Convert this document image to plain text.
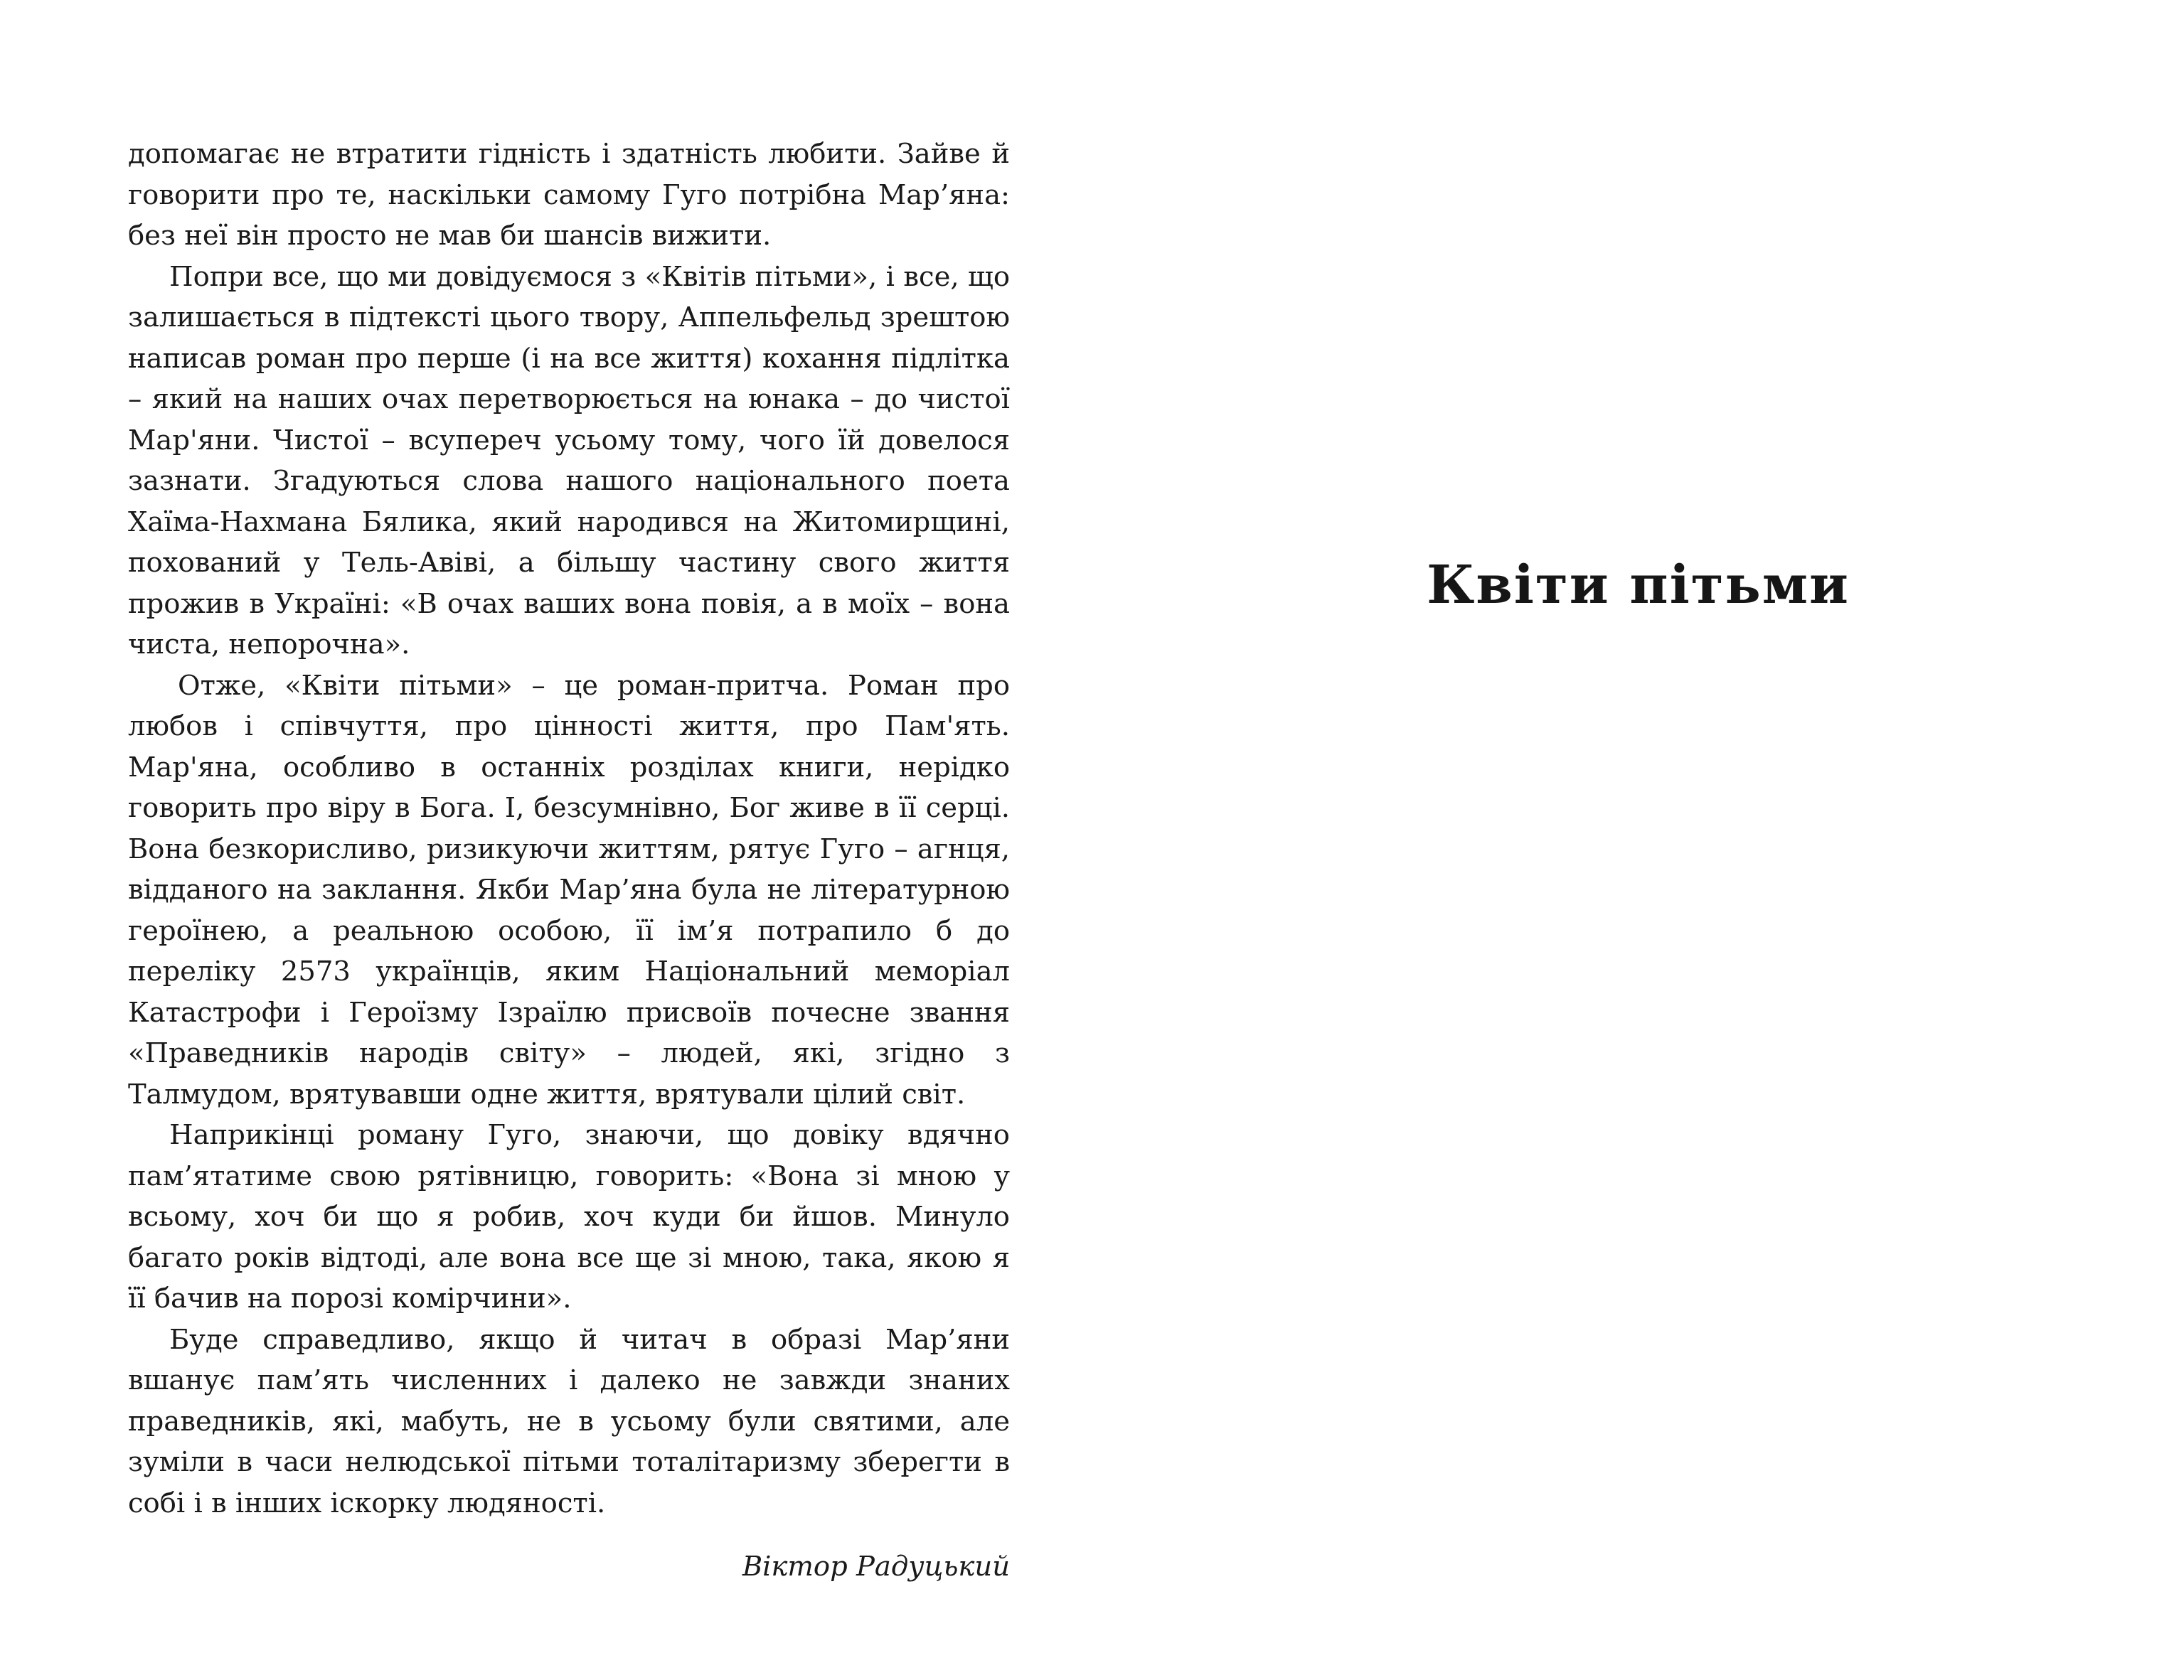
допомагає не втратити гідність і здатність любити. Зайве й говорити про те, наскільки самому Гуго потрібна Мар’яна: без неї він просто не мав би шансів вижити.

Попри все, що ми довідуємося з «Квітів пітьми», і все, що залишається в підтексті цього твору, Аппельфельд зрештою написав роман про перше (і на все життя) кохання підлітка – який на наших очах перетворюється на юнака – до чистої Мар'яни. Чистої – всупереч усьому тому, чого їй довелося зазнати. Згадуються слова нашого національного поета Хаїма-Нахмана Бялика, який народився на Житомирщині, похований у Тель-Авіві, а більшу частину свого життя прожив в Україні: «В очах ваших вона повія, а в моїх – вона чиста, непорочна».

Отже, «Квіти пітьми» – це роман-притча. Роман про любов і співчуття, про цінності життя, про Пам'ять. Мар'яна, особливо в останніх розділах книги, нерідко говорить про віру в Бога. І, безсумнівно, Бог живе в її серці. Вона безкорисливо, ризикуючи життям, рятує Гуго – агнця, відданого на заклання. Якби Мар’яна була не літературною героїнею, а реальною особою, її ім’я потрапило б до переліку 2573 українців, яким Національний меморіал Катастрофи і Героїзму Ізраїлю присвоїв почесне звання «Праведників народів світу» – людей, які, згідно з Талмудом, врятувавши одне життя, врятували цілий світ.

Наприкінці роману Гуго, знаючи, що довіку вдячно пам’ятатиме свою рятівницю, говорить: «Вона зі мною у всьому, хоч би що я робив, хоч куди би йшов. Минуло багато років відтоді, але вона все ще зі мною, така, якою я її бачив на порозі комірчини».

Буде справедливо, якщо й читач в образі Мар’яни вшанує пам’ять численних і далеко не завжди знаних праведників, які, мабуть, не в усьому були святими, але зуміли в часи нелюдської пітьми тоталітаризму зберегти в собі і в інших іскорку людяності.

Віктор Радуцький

Квіти пітьми
